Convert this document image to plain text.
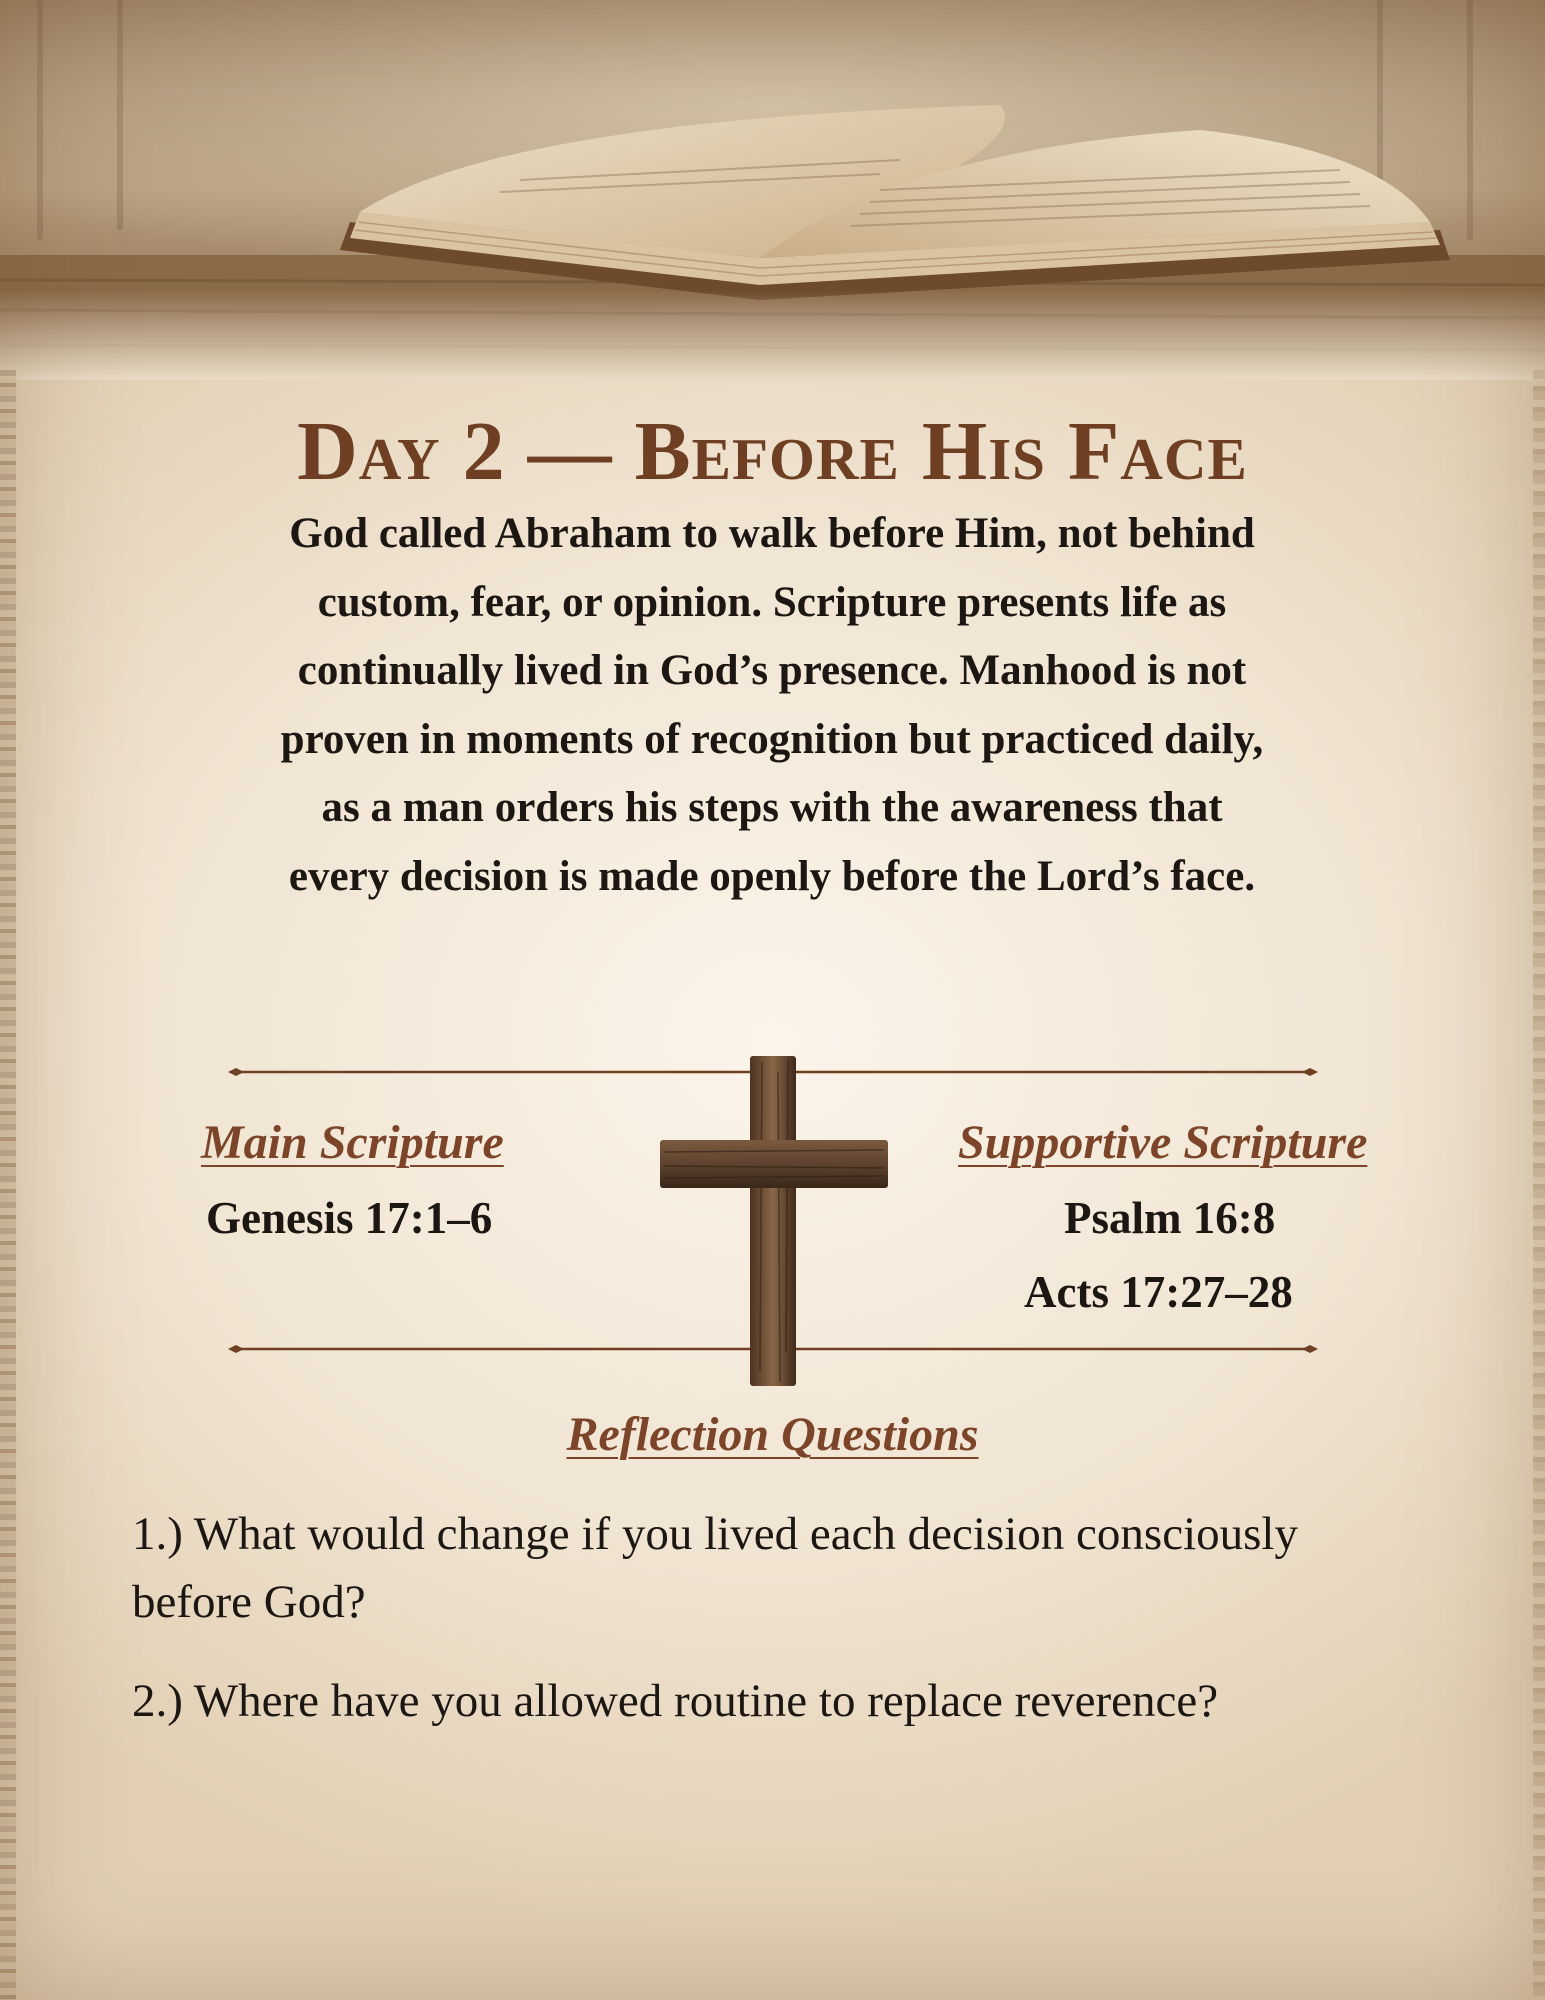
Day 2 — Before His Face

God called Abraham to walk before Him, not behind custom, fear, or opinion. Scripture presents life as continually lived in God’s presence. Manhood is not proven in moments of recognition but practiced daily, as a man orders his steps with the awareness that every decision is made openly before the Lord’s face.

Main Scripture

Genesis 17:1–6

Supportive Scripture

Psalm 16:8

Acts 17:27–28

Reflection Questions

1.) What would change if you lived each decision consciously before God?

2.) Where have you allowed routine to replace reverence?
